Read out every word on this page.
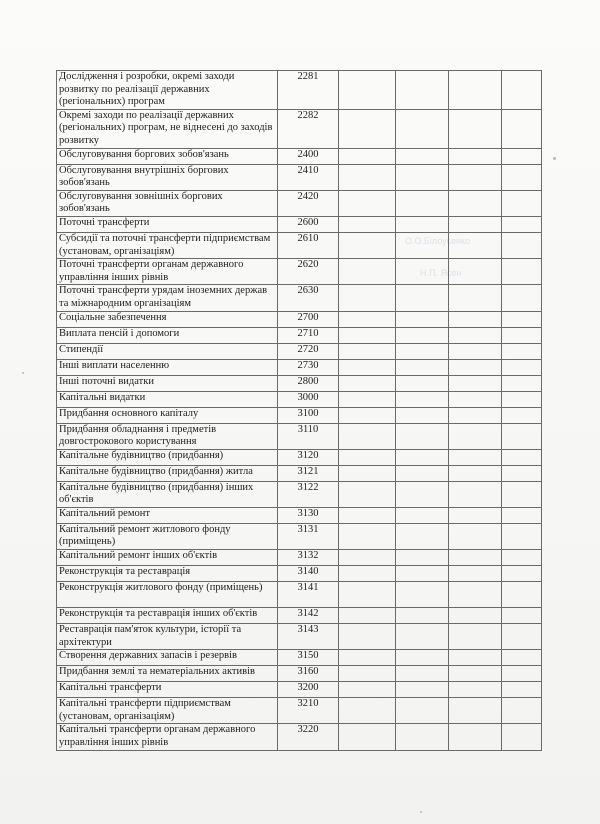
О.О.Білоусенко
Н.П. Ясен
Дослідження і розробки, окремі заходи розвитку по реалізації державних (регіональних) програм	2281				
Окремі заходи по реалізації державних (регіональних) програм, не віднесені до заходів розвитку	2282				
Обслуговування боргових зобов'язань	2400				
Обслуговування внутрішніх боргових зобов'язань	2410				
Обслуговування зовнішніх боргових зобов'язань	2420				
Поточні трансферти	2600				
Субсидії та поточні трансферти підприємствам (установам, організаціям)	2610				
Поточні трансферти органам державного управління інших рівнів	2620				
Поточні трансферти урядам іноземних держав та міжнародним організаціям	2630				
Соціальне забезпечення	2700				
Виплата пенсій і допомоги	2710				
Стипендії	2720				
Інші виплати населенню	2730				
Інші поточні видатки	2800				
Капітальні видатки	3000				
Придбання основного капіталу	3100				
Придбання обладнання і предметів довгострокового користування	3110				
Капітальне будівництво (придбання)	3120				
Капітальне будівництво (придбання) житла	3121				
Капітальне будівництво (придбання) інших об'єктів	3122				
Капітальний ремонт	3130				
Капітальний ремонт житлового фонду (приміщень)	3131				
Капітальний ремонт інших об'єктів	3132				
Реконструкція та реставрація	3140				
Реконструкція житлового фонду (приміщень)	3141				
Реконструкція та реставрація інших об'єктів	3142				
Реставрація пам'яток культури, історії та архітектури	3143				
Створення державних запасів і резервів	3150				
Придбання землі та нематеріальних активів	3160				
Капітальні трансферти	3200				
Капітальні трансферти підприємствам (установам, організаціям)	3210				
Капітальні трансферти органам державного управління інших рівнів	3220				
